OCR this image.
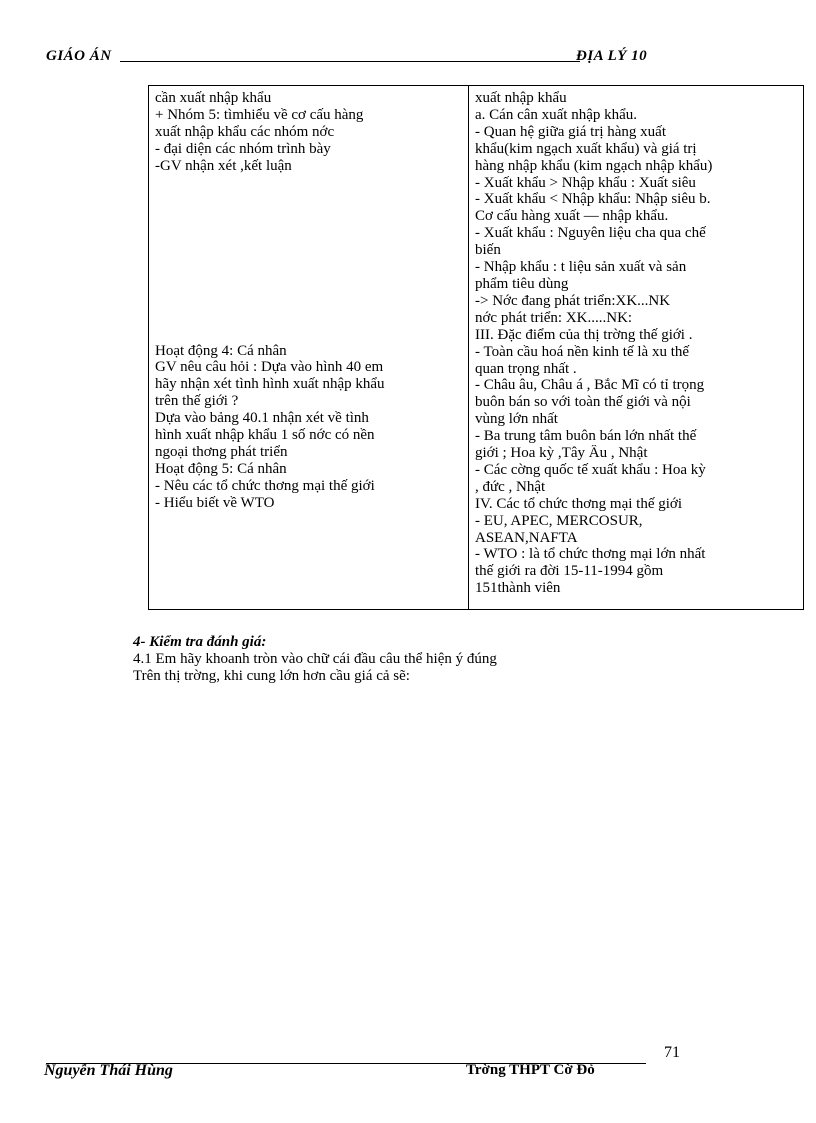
GIÁO ÁN	ĐỊA LÝ 10
cần xuất nhập khẩu
+ Nhóm 5: tìmhiểu về cơ cấu hàng
xuất nhập khẩu các nhóm nớc
- đại diện các nhóm trình bày
-GV nhận xét ,kết luận
Hoạt động 4: Cá nhân
GV nêu câu hỏi : Dựa vào hình 40 em
hãy nhận xét tình hình xuất nhập khẩu
trên thế giới ?
Dựa vào bảng 40.1 nhận xét về tình
hình xuất nhập khẩu 1 số nớc có nền
ngoại thơng phát triển
Hoạt động 5: Cá nhân
- Nêu các tổ chức thơng mại thế giới
- Hiểu biết về WTO
xuất nhập khẩu
a. Cán cân xuất nhập khẩu.
- Quan hệ giữa giá trị hàng xuất
khẩu(kim ngạch xuất khẩu) và giá trị
hàng nhập khẩu (kim ngạch nhập khẩu)
- Xuất khẩu > Nhập khẩu : Xuất siêu
- Xuất khẩu < Nhập khẩu: Nhập siêu b.
Cơ cấu hàng xuất — nhập khẩu.
- Xuất khẩu : Nguyên liệu cha qua chế
biến
- Nhập khẩu : t liệu sản xuất và sản
phẩm tiêu dùng
-> Nớc đang phát triển:XK...NK
nớc phát triển: XK.....NK:
III. Đặc điểm của thị trờng thế giới .
- Toàn cầu hoá nền kinh tế là xu thế
quan trọng nhất .
- Châu âu, Châu á , Bắc Mĩ có tỉ trọng
buôn bán so với toàn thế giới và nội
vùng lớn nhất
- Ba trung tâm buôn bán lớn nhất thế
giới ; Hoa kỳ ,Tây Âu , Nhật
- Các cờng quốc tế xuất khẩu : Hoa kỳ
, đức , Nhật
IV. Các tổ chức thơng mại thế giới
- EU, APEC, MERCOSUR,
ASEAN,NAFTA
- WTO : là tổ chức thơng mại lớn nhất
thế giới ra đời 15-11-1994 gồm
151thành viên
4- Kiểm tra đánh giá:
4.1 Em hãy khoanh tròn vào chữ cái đầu câu thể hiện ý đúng
Trên thị trờng, khi cung lớn hơn cầu giá cả sẽ:
71
Nguyễn Thái Hùng	Trờng THPT Cờ Đỏ
